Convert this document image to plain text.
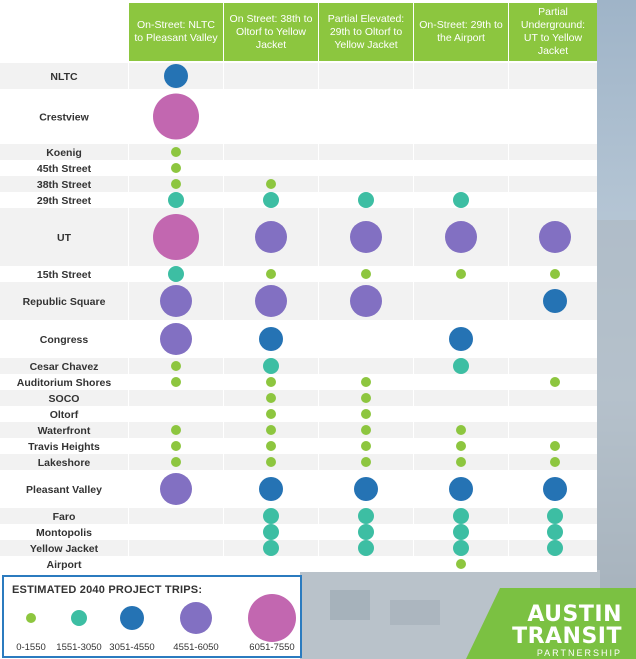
NLTC
Crestview
Koenig
45th Street
38th Street
29th Street
UT
15th Street
Republic Square
Congress
Cesar Chavez
Auditorium Shores
SOCO
Oltorf
Waterfront
Travis Heights
Lakeshore
Pleasant Valley
Faro
Montopolis
Yellow Jacket
Airport
On-Street: NLTC to Pleasant Valley
On Street: 38th to Oltorf to Yellow Jacket
Partial Elevated: 29th to Oltorf to Yellow Jacket
On-Street: 29th to the Airport
Partial Underground: UT to Yellow Jacket
ESTIMATED 2040 PROJECT TRIPS:
0-1550 1551-3050 3051-4550 4551-6050	6051-7550
AUSTIN
TRANSIT
PARTNERSHIP
